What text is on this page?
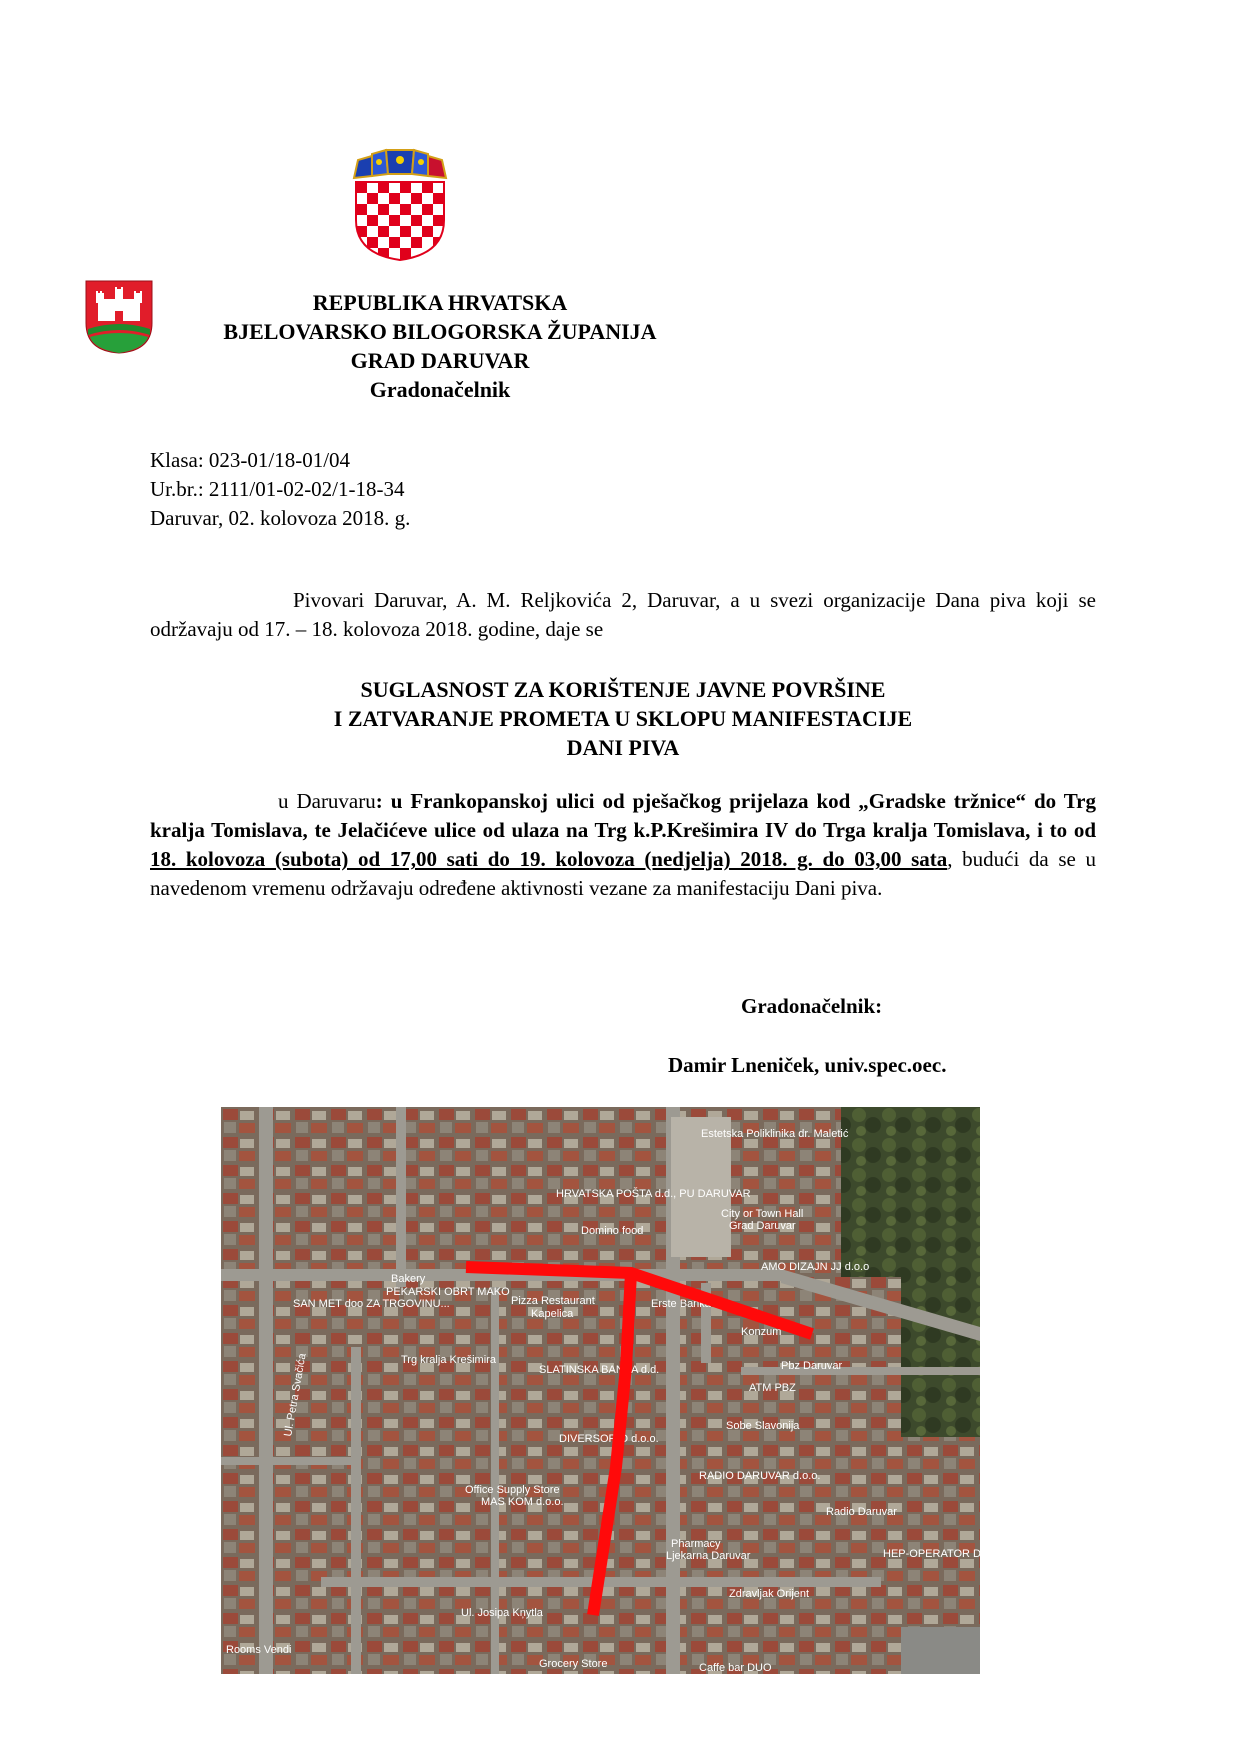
REPUBLIKA HRVATSKA
BJELOVARSKO BILOGORSKA ŽUPANIJA
GRAD DARUVAR
Gradonačelnik
Klasa: 023-01/18-01/04
Ur.br.: 2111/01-02-02/1-18-34
Daruvar, 02. kolovoza 2018. g.
Pivovari Daruvar, A. M. Reljkovića 2, Daruvar, a u svezi organizacije Dana piva koji se održavaju od 17. – 18. kolovoza 2018. godine, daje se
SUGLASNOST ZA KORIŠTENJE JAVNE POVRŠINE
I ZATVARANJE PROMETA U SKLOPU MANIFESTACIJE
DANI PIVA
u Daruvaru: u Frankopanskoj ulici od pješačkog prijelaza kod „Gradske tržnice“ do Trg kralja Tomislava, te Jelačićeve ulice od ulaza na Trg k.P.Krešimira IV do Trga kralja Tomislava, i to od 18. kolovoza (subota) od 17,00 sati do 19. kolovoza (nedjelja) 2018. g. do 03,00 sata, budući da se u navedenom vremenu održavaju određene aktivnosti vezane za manifestaciju Dani piva.
Gradonačelnik:
Damir Lneniček, univ.spec.oec.
Estetska Poliklinika dr. Maletić
HRVATSKA POŠTA d.d., PU DARUVAR
Domino food
City or Town Hall
Grad Daruvar
AMO DIZAJN JJ d.o.o
Bakery
PEKARSKI OBRT MAKO
SAN MET doo ZA TRGOVINU...	Pizza Restaurant
Kapelica
Erste Banka
Konzum
Trg kralja Krešimira
SLATINSKA BANKA d.d.	Pbz Daruvar
ATM PBZ
DIVERSORIO d.o.o.
Sobe Slavonija
Office Supply Store
MAS KOM d.o.o.
RADIO DARUVAR d.o.o.
Radio Daruvar
Pharmacy
Ljekarna Daruvar
Zdravljak Orijent
Ul. Josipa Kņytla
Grocery Store
Rooms Vendi
Caffe bar DUO
HEP-OPERATOR DISTRIBUCIJE
Ul. Petra Svačića
